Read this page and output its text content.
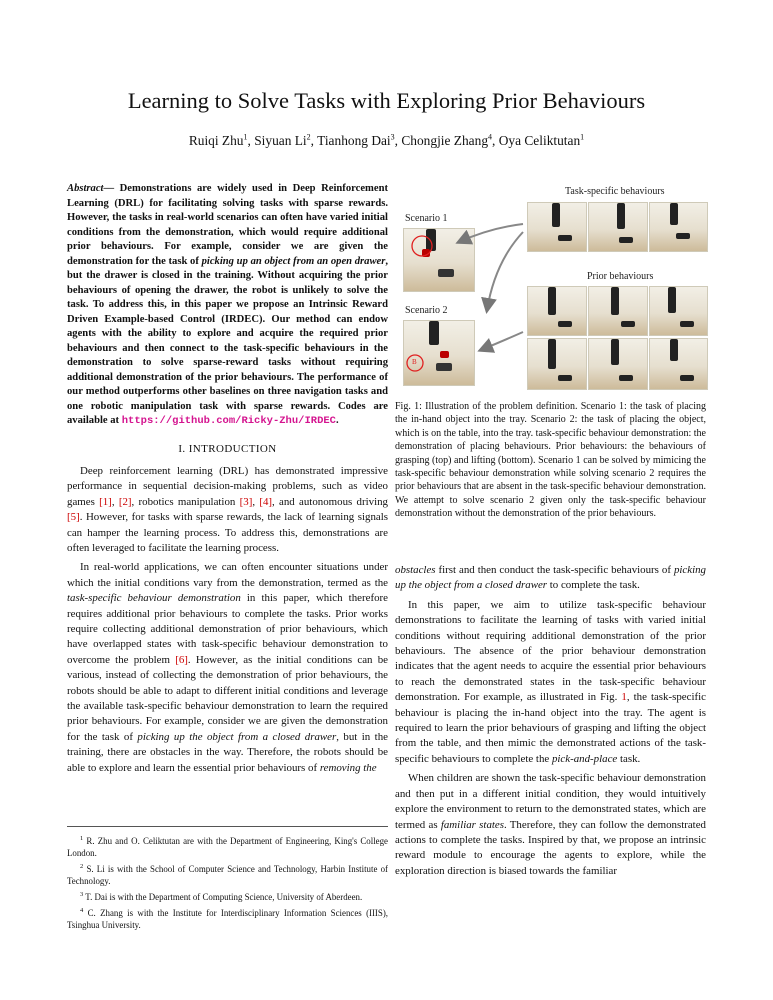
Learning to Solve Tasks with Exploring Prior Behaviours
Ruiqi Zhu$^1$, Siyuan Li$^2$, Tianhong Dai$^3$, Chongjie Zhang$^4$, Oya Celiktutan$^1$
Abstract— Demonstrations are widely used in Deep Reinforcement Learning (DRL) for facilitating solving tasks with sparse rewards. However, the tasks in real-world scenarios can often have varied initial conditions from the demonstration, which would require additional prior behaviours. For example, consider we are given the demonstration for the task of picking up an object from an open drawer, but the drawer is closed in the training. Without acquiring the prior behaviours of opening the drawer, the robot is unlikely to solve the task. To address this, in this paper we propose an Intrinsic Reward Driven Example-based Control (IRDEC). Our method can endow agents with the ability to explore and acquire the required prior behaviours and then connect to the task-specific behaviours in the demonstration to solve sparse-reward tasks without requiring additional demonstration of the prior behaviours. The performance of our method outperforms other baselines on three navigation tasks and one robotic manipulation task with sparse rewards. Codes are available at https://github.com/Ricky-Zhu/IRDEC.
I. INTRODUCTION

Deep reinforcement learning (DRL) has demonstrated impressive performance in sequential decision-making problems, such as video games [1], [2], robotics manipulation [3], [4], and autonomous driving [5]. However, for tasks with sparse rewards, the lack of learning signals can hamper the learning process. To address this, demonstrations are often leveraged to facilitate the learning process.

In real-world applications, we can often encounter situations under which the initial conditions vary from the demonstration, termed as the task-specific behaviour demonstration in this paper, which therefore requires additional prior behaviours to complete the tasks. Prior works require collecting additional demonstration of prior behaviours, which have overlapped states with task-specific behaviour demonstration to overcome the problem [6]. However, as the initial conditions can be various, instead of collecting the demonstration of prior behaviours, the robots should be able to adapt to different initial conditions and leverage the available task-specific behaviour demonstration to learn the required prior behaviours. For example, consider we are given the demonstration for the task of picking up the object from a closed drawer, but in the training, there are obstacles in the way. Therefore, the robots should be able to explore and learn the essential prior behaviours of removing the

$^1$ R. Zhu and O. Celiktutan are with the Department of Engineering, King's College London.
$^2$ S. Li is with the School of Computer Science and Technology, Harbin Institute of Technology.
$^3$ T. Dai is with the Department of Computing Science, University of Aberdeen.
$^4$ C. Zhang is with the Institute for Interdisciplinary Information Sciences (IIIS), Tsinghua University.
Task-specific behaviours
Prior behaviours
Scenario 1
Scenario 2
B
Fig. 1: Illustration of the problem definition. Scenario 1: the task of placing the in-hand object into the tray. Scenario 2: the task of placing the object, which is on the table, into the tray. task-specific behaviour demonstration: the demonstration of placing behaviours. Prior behaviours: the behaviours of grasping (top) and lifting (bottom). Scenario 1 can be solved by mimicing the task-specific behaviour demonstration while solving scenario 2 requires the prior behaviours that are absent in the task-specific behaviour demonstration. We attempt to solve scenario 2 given only the task-specific behaviour demonstration without the demonstration of the prior behaviours.

obstacles first and then conduct the task-specific behaviours of picking up the object from a closed drawer to complete the task.

In this paper, we aim to utilize task-specific behaviour demonstrations to facilitate the learning of tasks with varied initial conditions without requiring additional demonstration of the prior behaviours. The absence of the prior behaviour demonstration indicates that the agent needs to acquire the essential prior behaviours to reach the demonstrated states in the task-specific behaviour demonstration. For example, as illustrated in Fig. 1, the task-specific behaviour is placing the in-hand object into the tray. The agent is required to learn the prior behaviours of grasping and lifting the object from the table, and then mimic the demonstrated actions of the task-specific behaviours to complete the pick-and-place task.

When children are shown the task-specific behaviour demonstration and then put in a different initial condition, they would intuitively explore the environment to return to the demonstrated states, which are termed as familiar states. Therefore, they can follow the demonstrated actions to complete the tasks. Inspired by that, we propose an intrinsic reward module to encourage the agents to explore, while the exploration direction is biased towards the familiar
